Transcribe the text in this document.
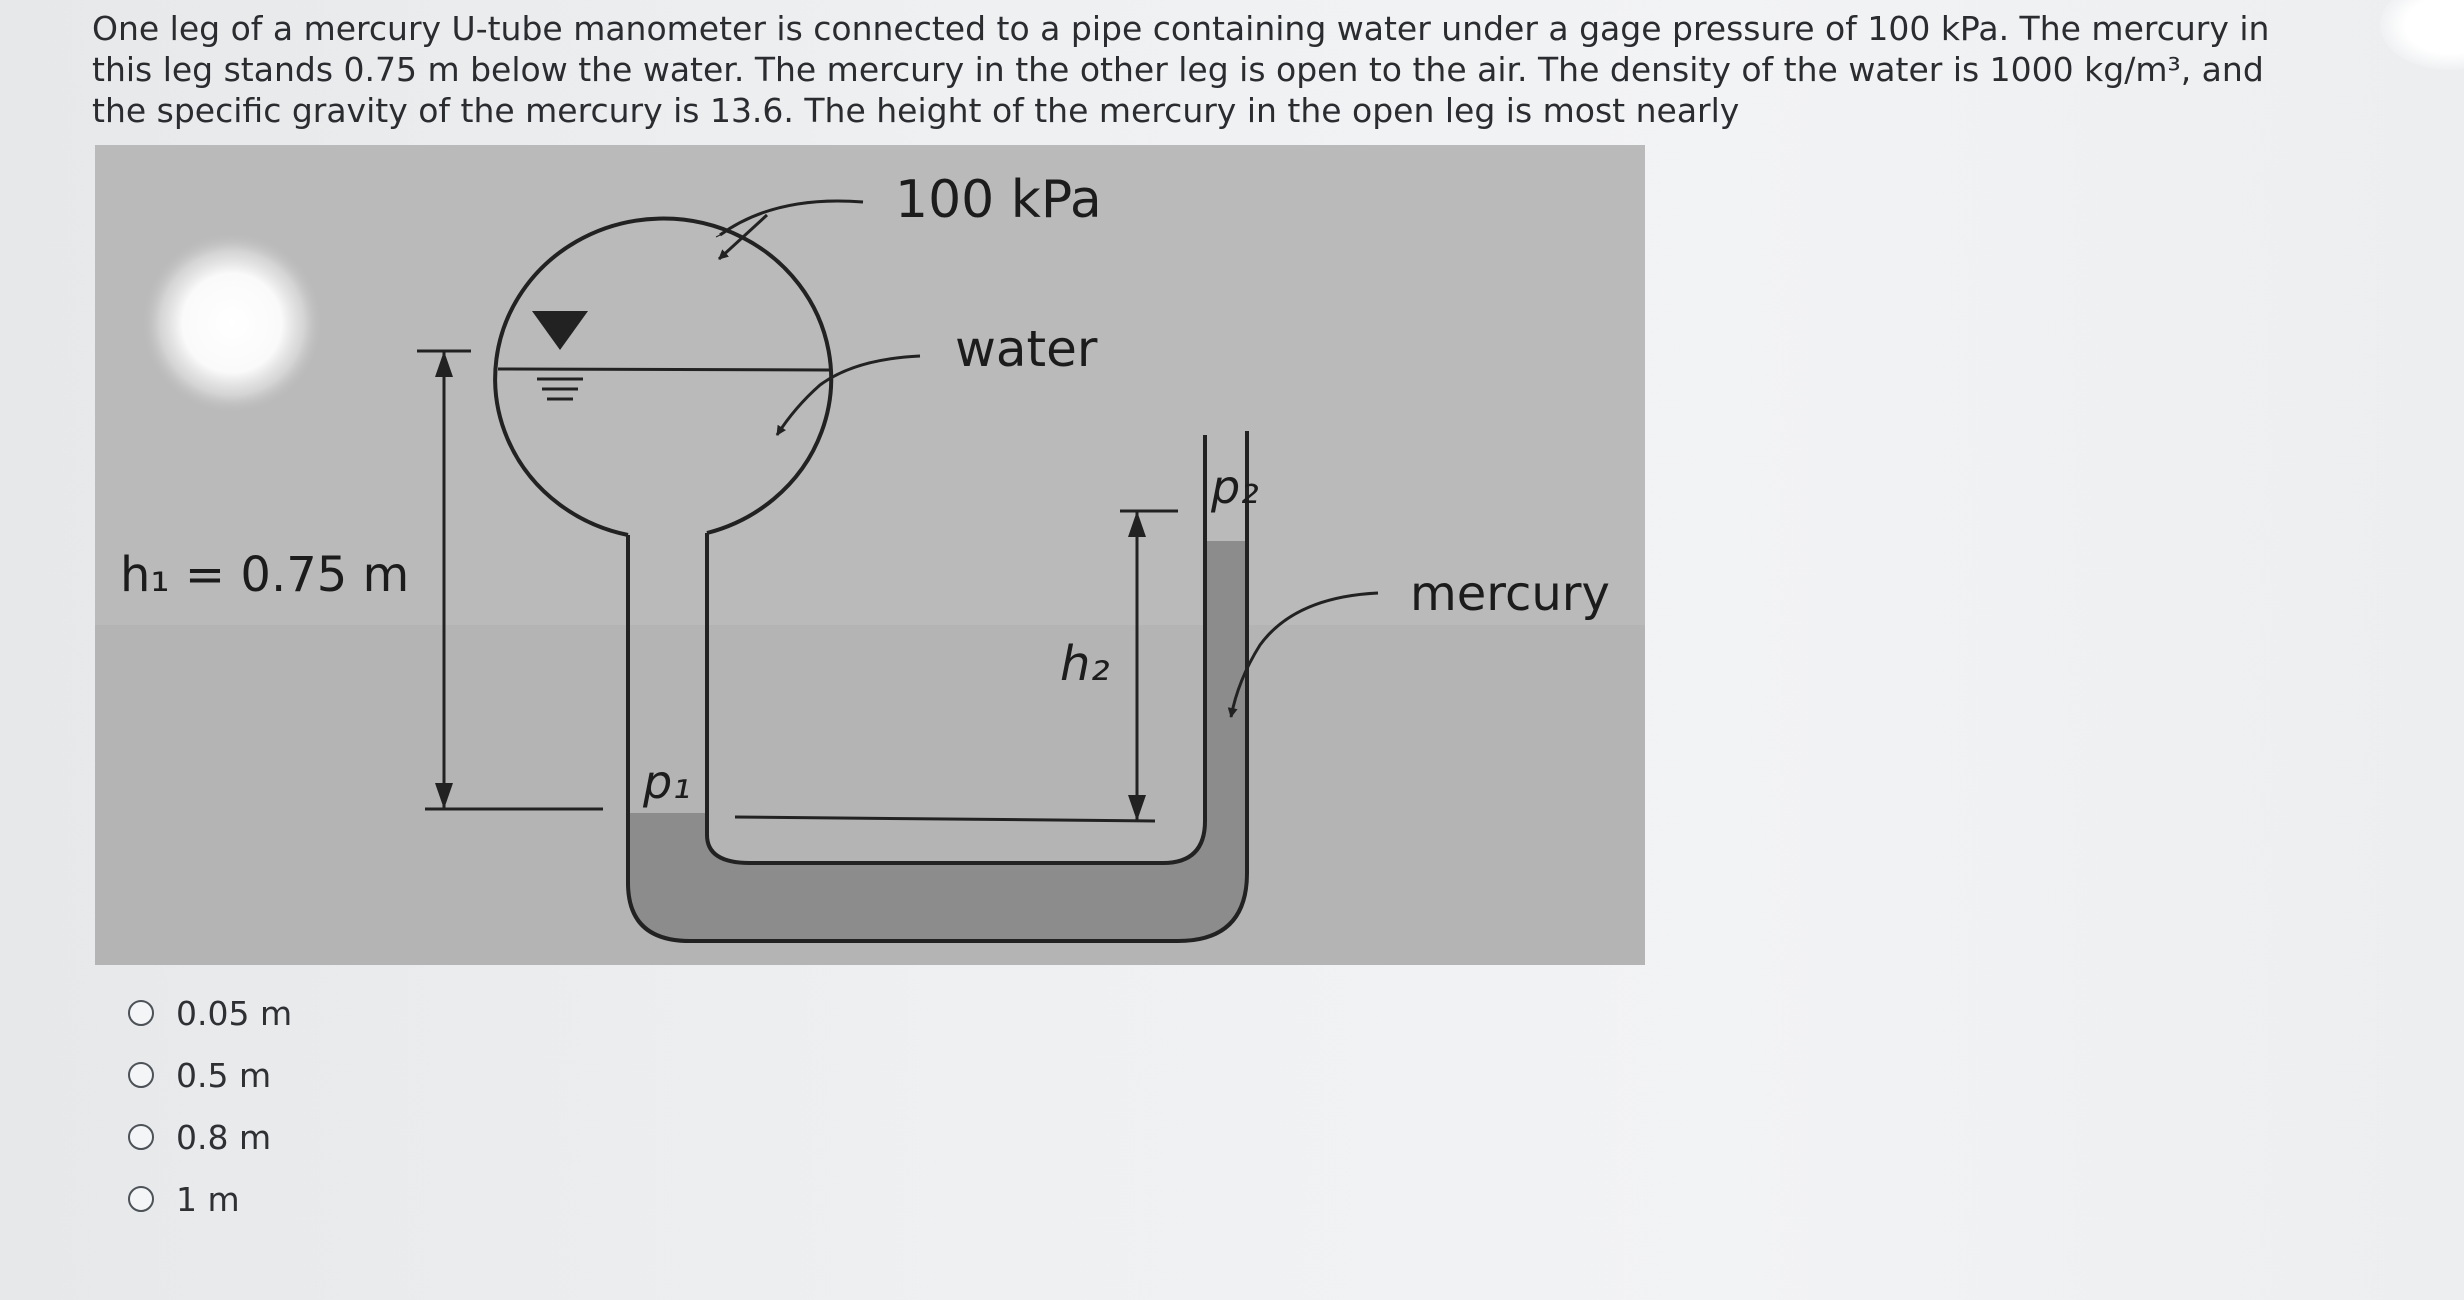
One leg of a mercury U-tube manometer is connected to a pipe containing water under a gage pressure of 100 kPa. The mercury in this leg stands 0.75 m below the water. The mercury in the other leg is open to the air. The density of the water is 1000 kg/m³, and the specific gravity of the mercury is 13.6. The height of the mercury in the open leg is most nearly

100 kPa
water
h₁ = 0.75 m
h₂
p₁
p₂
mercury
0.05 m
0.5 m
0.8 m
1 m
